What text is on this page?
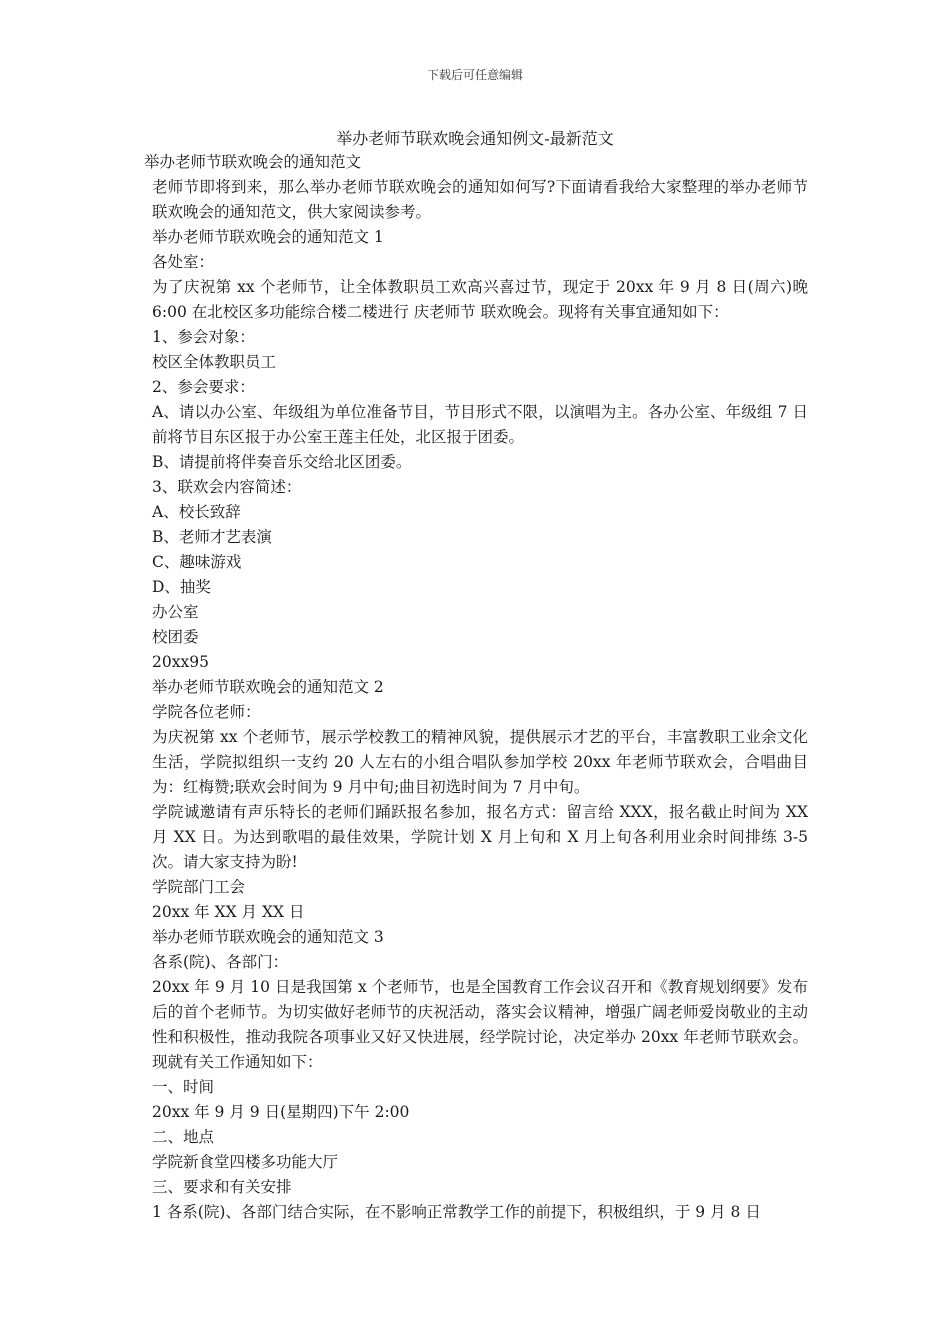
下载后可任意编辑
举办老师节联欢晚会通知例文-最新范文

举办老师节联欢晚会的通知范文

老师节即将到来，那么举办老师节联欢晚会的通知如何写?下面请看我给大家整理的举办老师节联欢晚会的通知范文，供大家阅读参考。

举办老师节联欢晚会的通知范文 1

各处室：

为了庆祝第 xx 个老师节，让全体教职员工欢高兴喜过节，现定于 20xx 年 9 月 8 日(周六)晚 6:00 在北校区多功能综合楼二楼进行 庆老师节 联欢晚会。现将有关事宜通知如下：

1、参会对象：

校区全体教职员工

2、参会要求：

A、请以办公室、年级组为单位准备节目，节目形式不限，以演唱为主。各办公室、年级组 7 日前将节目东区报于办公室王莲主任处，北区报于团委。

B、请提前将伴奏音乐交给北区团委。

3、联欢会内容简述：

A、校长致辞

B、老师才艺表演

C、趣味游戏

D、抽奖

办公室

校团委

20xx95

举办老师节联欢晚会的通知范文 2

学院各位老师：

为庆祝第 xx 个老师节，展示学校教工的精神风貌，提供展示才艺的平台，丰富教职工业余文化生活，学院拟组织一支约 20 人左右的小组合唱队参加学校 20xx 年老师节联欢会，合唱曲目为：红梅赞;联欢会时间为 9 月中旬;曲目初选时间为 7 月中旬。

学院诚邀请有声乐特长的老师们踊跃报名参加，报名方式：留言给 XXX，报名截止时间为 XX 月 XX 日。为达到歌唱的最佳效果，学院计划 X 月上旬和 X 月上旬各利用业余时间排练 3-5 次。请大家支持为盼!

学院部门工会

20xx 年 XX 月 XX 日

举办老师节联欢晚会的通知范文 3

各系(院)、各部门：

20xx 年 9 月 10 日是我国第 x 个老师节，也是全国教育工作会议召开和《教育规划纲要》发布后的首个老师节。为切实做好老师节的庆祝活动，落实会议精神，增强广阔老师爱岗敬业的主动性和积极性，推动我院各项事业又好又快进展，经学院讨论，决定举办 20xx 年老师节联欢会。现就有关工作通知如下：

一、时间

20xx 年 9 月 9 日(星期四)下午 2:00

二、地点

学院新食堂四楼多功能大厅

三、要求和有关安排

1 各系(院)、各部门结合实际，在不影响正常教学工作的前提下，积极组织，于 9 月 8 日
